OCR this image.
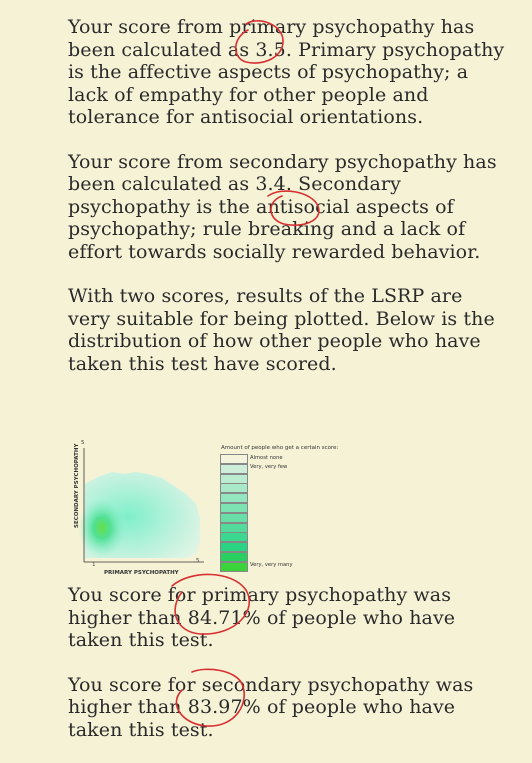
Your score from primary psychopathy has been calculated as 3.5. Primary psychopathy is the affective aspects of psychopathy; a lack of empathy for other people and tolerance for antisocial orientations.

Your score from secondary psychopathy has been calculated as 3.4. Secondary psychopathy is the antisocial aspects of psychopathy; rule breaking and a lack of effort towards socially rewarded behavior.

With two scores, results of the LSRP are very suitable for being plotted. Below is the distribution of how other people who have taken this test have scored.

SECONDARY PSYCHOPATHY
PRIMARY PSYCHOPATHY
5
1
5
Amount of people who get a certain score:
Almost none
Very, very few
Very, very many

You score for primary psychopathy was higher than 84.71% of people who have taken this test.

You score for secondary psychopathy was higher than 83.97% of people who have taken this test.
